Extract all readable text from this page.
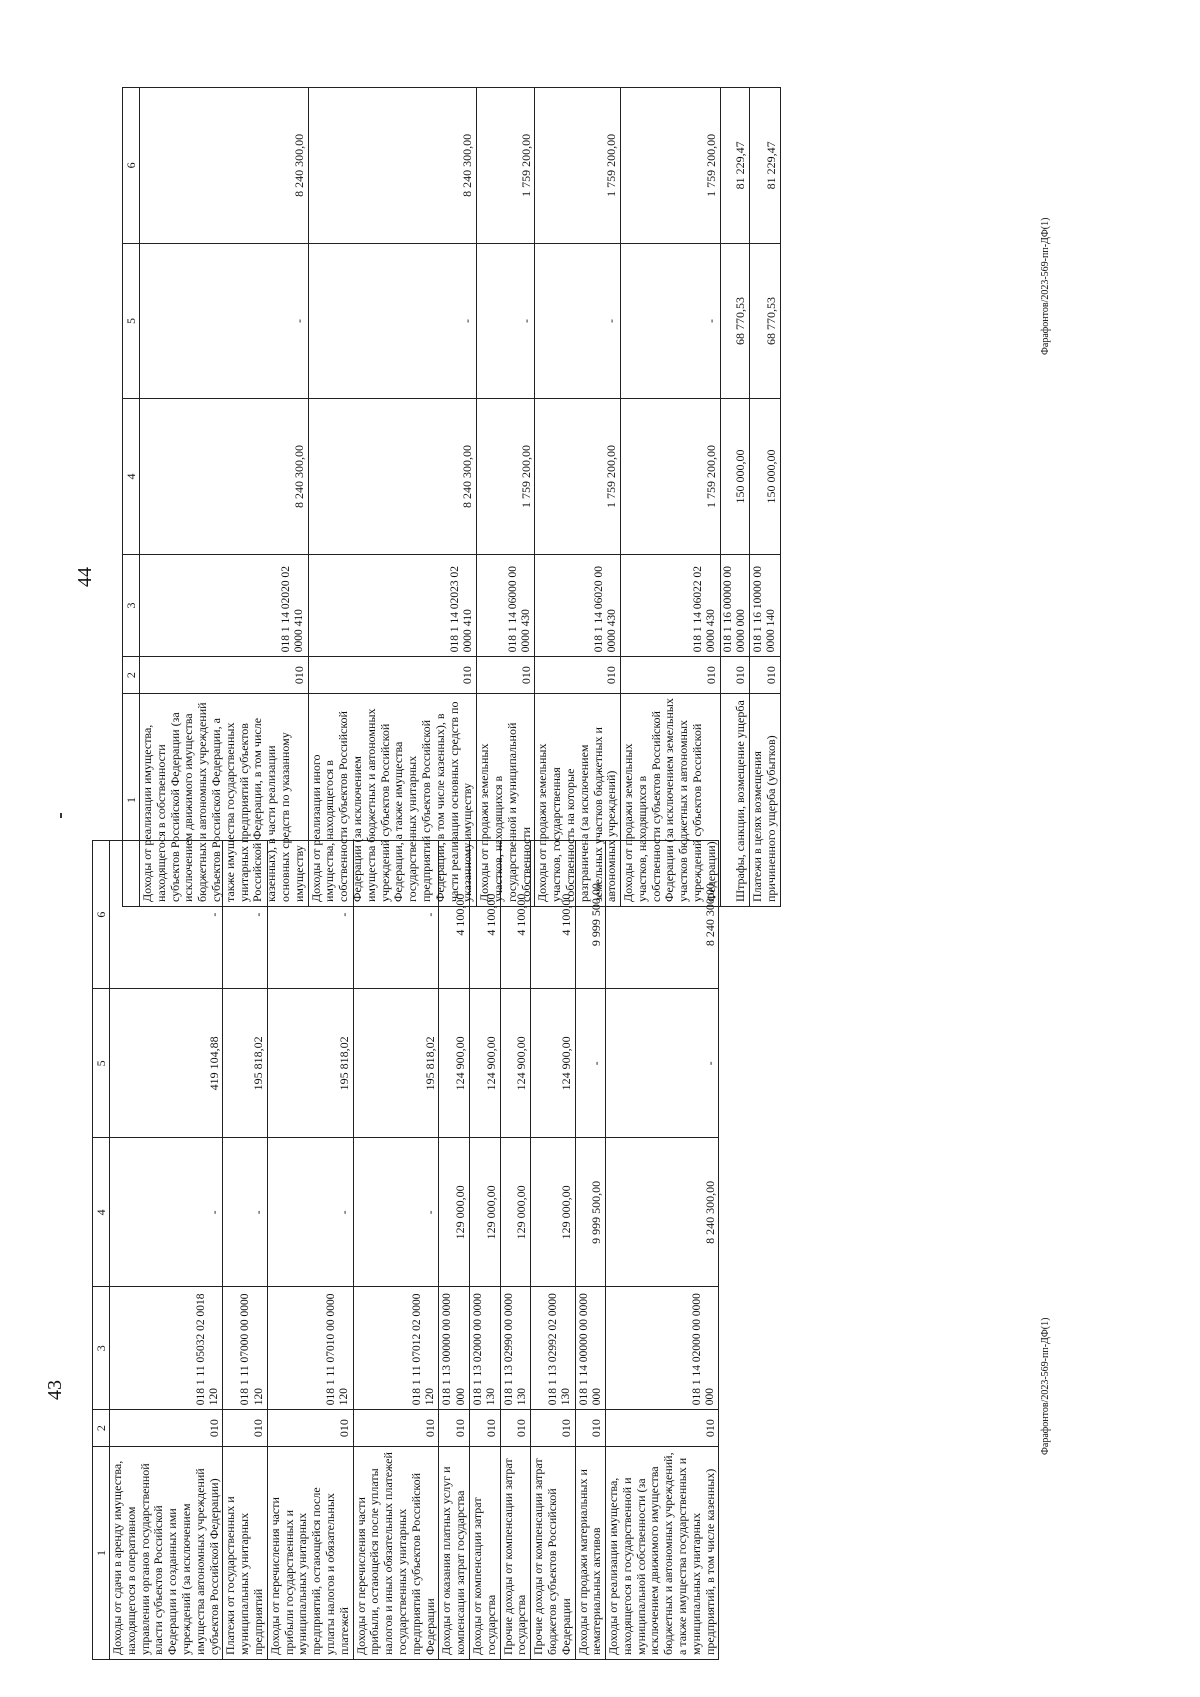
43
1	2	3	4	5	6
Доходы от сдачи в аренду имущества, находящегося в оперативном управлении органов государственной власти субъектов Российской Федерации и созданных ими учреждений (за исключением имущества автономных учреждений субъектов Российской Федерации)	010	018 1 11 05032 02 0018 120	-	419 104,88	-
Платежи от государственных и муниципальных унитарных предприятий	010	018 1 11 07000 00 0000 120	-	195 818,02	-
Доходы от перечисления части прибыли государственных и муниципальных унитарных предприятий, остающейся после уплаты налогов и обязательных платежей	010	018 1 11 07010 00 0000 120	-	195 818,02	-
Доходы от перечисления части прибыли, остающейся после уплаты налогов и иных обязательных платежей государственных унитарных предприятий субъектов Российской Федерации	010	018 1 11 07012 02 0000 120	-	195 818,02	-
Доходы от оказания платных услуг и компенсации затрат государства	010	018 1 13 00000 00 0000 000	129 000,00	124 900,00	4 100,00
Доходы от компенсации затрат государства	010	018 1 13 02000 00 0000 130	129 000,00	124 900,00	4 100,00
Прочие доходы от компенсации затрат государства	010	018 1 13 02990 00 0000 130	129 000,00	124 900,00	4 100,00
Прочие доходы от компенсации затрат бюджетов субъектов Российской Федерации	010	018 1 13 02992 02 0000 130	129 000,00	124 900,00	4 100,00
Доходы от продажи материальных и нематериальных активов	010	018 1 14 00000 00 0000 000	9 999 500,00	-	9 999 500,00
Доходы от реализации имущества, находящегося в государственной и муниципальной собственности (за исключением движимого имущества бюджетных и автономных учреждений, а также имущества государственных и муниципальных унитарных предприятий, в том числе казенных)	010	018 1 14 02000 00 0000 000	8 240 300,00	-	8 240 300,00
44
1	2	3	4	5	6
Доходы от реализации имущества, находящегося в собственности субъектов Российской Федерации (за исключением движимого имущества бюджетных и автономных учреждений субъектов Российской Федерации, а также имущества государственных унитарных предприятий субъектов Российской Федерации, в том числе казенных), в части реализации основных средств по указанному имуществу	010	018 1 14 02020 02 0000 410	8 240 300,00	-	8 240 300,00
Доходы от реализации иного имущества, находящегося в собственности субъектов Российской Федерации (за исключением имущества бюджетных и автономных учреждений субъектов Российской Федерации, а также имущества государственных унитарных предприятий субъектов Российской Федерации, в том числе казенных), в части реализации основных средств по указанному имуществу	010	018 1 14 02023 02 0000 410	8 240 300,00	-	8 240 300,00
Доходы от продажи земельных участков, находящихся в государственной и муниципальной собственности	010	018 1 14 06000 00 0000 430	1 759 200,00	-	1 759 200,00
Доходы от продажи земельных участков, государственная собственность на которые разграничена (за исключением земельных участков бюджетных и автономных учреждений)	010	018 1 14 06020 00 0000 430	1 759 200,00	-	1 759 200,00
Доходы от продажи земельных участков, находящихся в собственности субъектов Российской Федерации (за исключением земельных участков бюджетных и автономных учреждений субъектов Российской Федерации)	010	018 1 14 06022 02 0000 430	1 759 200,00	-	1 759 200,00
Штрафы, санкции, возмещение ущерба	010	018 1 16 00000 00 0000 000	150 000,00	68 770,53	81 229,47
Платежи в целях возмещения причиненного ущерба (убытков)	010	018 1 16 10000 00 0000 140	150 000,00	68 770,53	81 229,47
Фарафонтов/2023-569-пп-ДФ(1)
Фарафонтов/2023-569-пп-ДФ(1)
